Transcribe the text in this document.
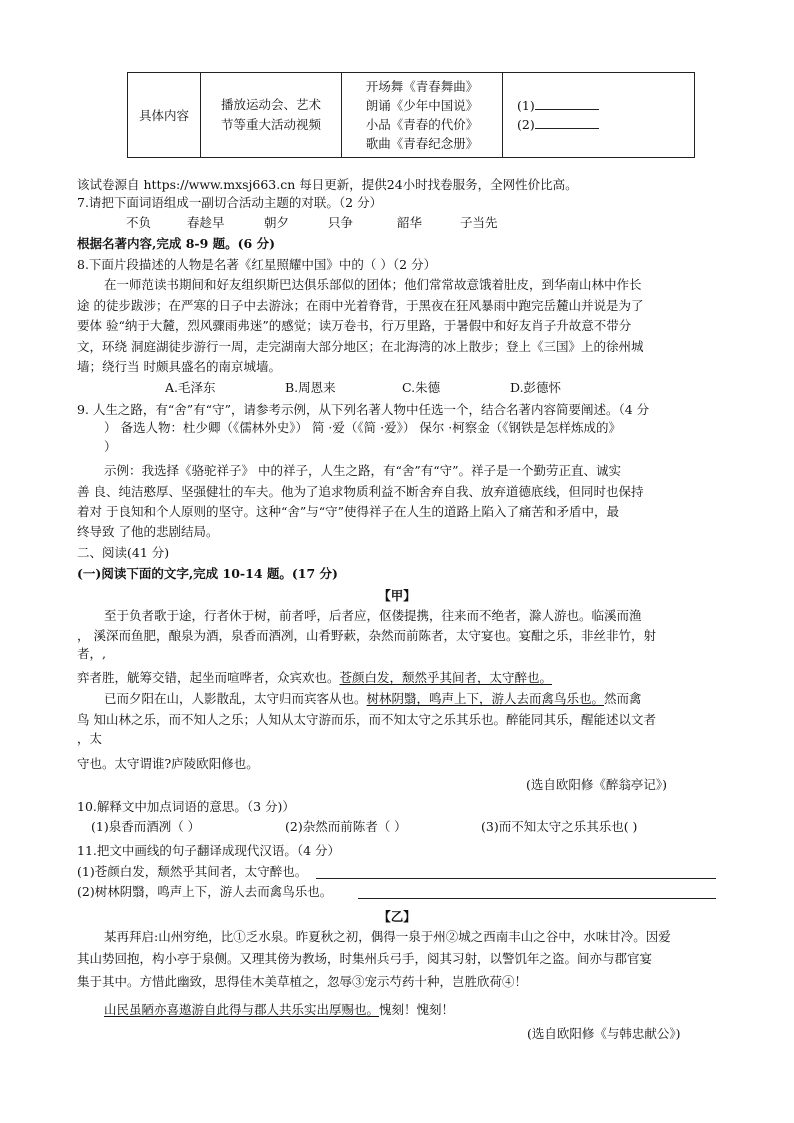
具体内容	
播放运动会、艺术
节等重大活动视频

开场舞《青春舞曲》
朗诵《少年中国说》
小品《青春的代价》
歌曲《青春纪念册》

(1)
(2)
该试卷源自 https://www.mxsj663.cn 每日更新，提供24小时找卷服务，全网性价比高。
7.请把下面词语组成一副切合活动主题的对联。（2 分）
不负	春趁早	朝夕	只争	韶华	子当先
根据名著内容,完成 8-9 题。(6 分)
8.下面片段描述的人物是名著《红星照耀中国》中的（ ）（2 分）
在一师范读书期间和好友组织斯巴达俱乐部似的团体；他们常常故意饿着肚皮，到华南山林中作长
途 的徒步跋涉；在严寒的日子中去游泳；在雨中光着脊背，于黑夜在狂风暴雨中跑完岳麓山并说是为了
要体 验“纳于大麓，烈风骤雨弗迷”的感觉；读万卷书，行万里路，于暑假中和好友肖子升故意不带分
文，环绕 洞庭湖徒步游行一周，走完湖南大部分地区；在北海湾的冰上散步；登上《三国》上的徐州城
墙；绕行当 时颇具盛名的南京城墙。
A.毛泽东	B.周恩来	C.朱德	D.彭德怀
9. 人生之路，有“舍”有“守”，请参考示例，从下列名著人物中任选一个，结合名著内容简要阐述。（4 分
） 备选人物：杜少卿（《儒林外史》） 简 ·爱（《简 ·爱》） 保尔 ·柯察金（《钢铁是怎样炼成的》
）
示例：我选择《骆驼祥子》 中的祥子，人生之路，有“舍”有“守”。祥子是一个勤劳正直、诚实
善 良、纯洁憨厚、坚强健壮的车夫。他为了追求物质利益不断舍弃自我、放弃道德底线，但同时也保持
着对 于良知和个人原则的坚守。这种“舍”与“守”使得祥子在人生的道路上陷入了痛苦和矛盾中，最
终导致 了他的悲剧结局。
二、阅读(41 分)
(一)阅读下面的文字,完成 10-14 题。(17 分)
【甲】
至于负者歌于途，行者休于树，前者呼，后者应，伛偻提携，往来而不绝者，滁人游也。临溪而渔
， 溪深而鱼肥，酿泉为酒，泉香而酒冽，山肴野蔌，杂然而前陈者，太守宴也。宴酣之乐，非丝非竹，射
者，,
弈者胜，觥筹交错，起坐而喧哗者，众宾欢也。苍颜白发，颓然乎其间者，太守醉也。
已而夕阳在山，人影散乱，太守归而宾客从也。树林阴翳，鸣声上下，游人去而禽鸟乐也。然而禽
鸟 知山林之乐，而不知人之乐；人知从太守游而乐，而不知太守之乐其乐也。醉能同其乐，醒能述以文者
，太
守也。太守谓谁?庐陵欧阳修也。
(选自欧阳修《醉翁亭记》)
10.解释文中加点词语的意思。（3 分)）
(1)泉香而酒冽（ ）	(2)杂然而前陈者（ ）	(3)而不知太守之乐其乐也( )
11.把文中画线的句子翻译成现代汉语。（4 分）
(1)苍颜白发，颓然乎其间者，太守醉也。
(2)树林阴翳，鸣声上下，游人去而禽鸟乐也。
【乙】
某再拜启:山州穷绝，比①乏水泉。昨夏秋之初，偶得一泉于州②城之西南丰山之谷中，水味甘冷。因爱
其山势回抱，构小亭于泉侧。又理其傍为教场，时集州兵弓手，阅其习射，以警饥年之盗。间亦与郡官宴
集于其中。方惜此幽致，思得佳木美草植之，忽辱③宠示芍药十种，岂胜欣荷④！
山民虽陋亦喜遨游自此得与郡人共乐实出厚赐也。愧刻！愧刻！
(选自欧阳修《与韩忠献公》)
